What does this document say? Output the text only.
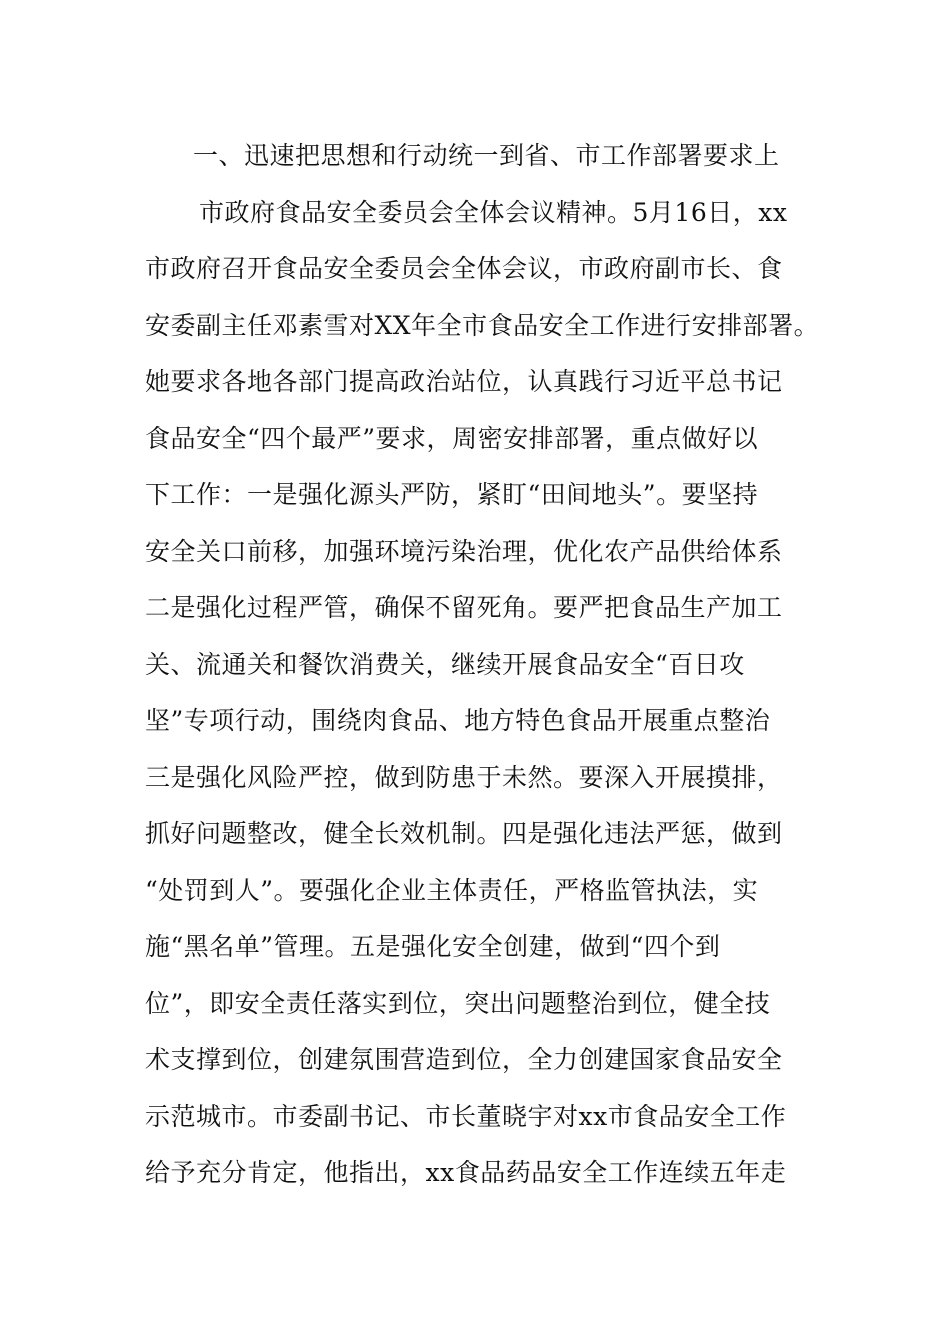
一、迅速把思想和行动统一到省、市工作部署要求上
市政府食品安全委员会全体会议精神。5月16日，xx
市政府召开食品安全委员会全体会议，市政府副市长、食
安委副主任邓素雪对XX年全市食品安全工作进行安排部署。
她要求各地各部门提高政治站位，认真践行习近平总书记
食品安全“四个最严”要求，周密安排部署，重点做好以
下工作：一是强化源头严防，紧盯“田间地头”。要坚持
安全关口前移，加强环境污染治理，优化农产品供给体系
二是强化过程严管，确保不留死角。要严把食品生产加工
关、流通关和餐饮消费关，继续开展食品安全“百日攻
坚”专项行动，围绕肉食品、地方特色食品开展重点整治
三是强化风险严控，做到防患于未然。要深入开展摸排，
抓好问题整改，健全长效机制。四是强化违法严惩，做到
“处罚到人”。要强化企业主体责任，严格监管执法，实
施“黑名单”管理。五是强化安全创建，做到“四个到
位”，即安全责任落实到位，突出问题整治到位，健全技
术支撑到位，创建氛围营造到位，全力创建国家食品安全
示范城市。市委副书记、市长董晓宇对xx市食品安全工作
给予充分肯定，他指出，xx食品药品安全工作连续五年走
